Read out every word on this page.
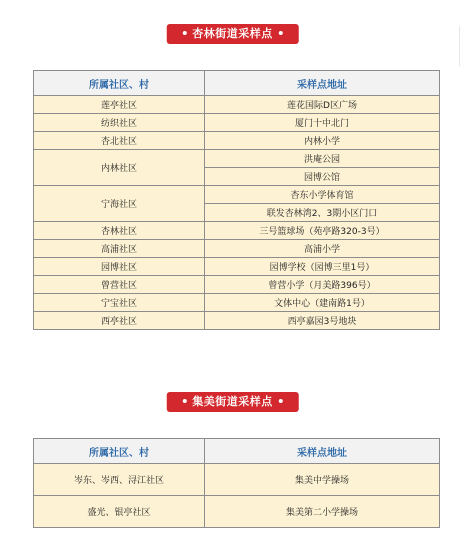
杏林街道采样点
所属社区、村	采样点地址
莲亭社区	莲花国际D区广场
纺织社区	厦门十中北门
杏北社区	内林小学
内林社区	洪庵公园
	园博公馆
宁海社区	杏东小学体育馆
	联发杏林湾2、3期小区门口
杏林社区	三号篮球场（苑亭路320-3号）
高浦社区	高浦小学
园博社区	园博学校（园博三里1号）
曾营社区	曾营小学（月美路396号）
宁宝社区	文体中心（建南路1号）
西亭社区	西亭嘉园3号地块
集美街道采样点
所属社区、村	采样点地址
岑东、岑西、浔江社区	集美中学操场
盛光、银亭社区	集美第二小学操场
